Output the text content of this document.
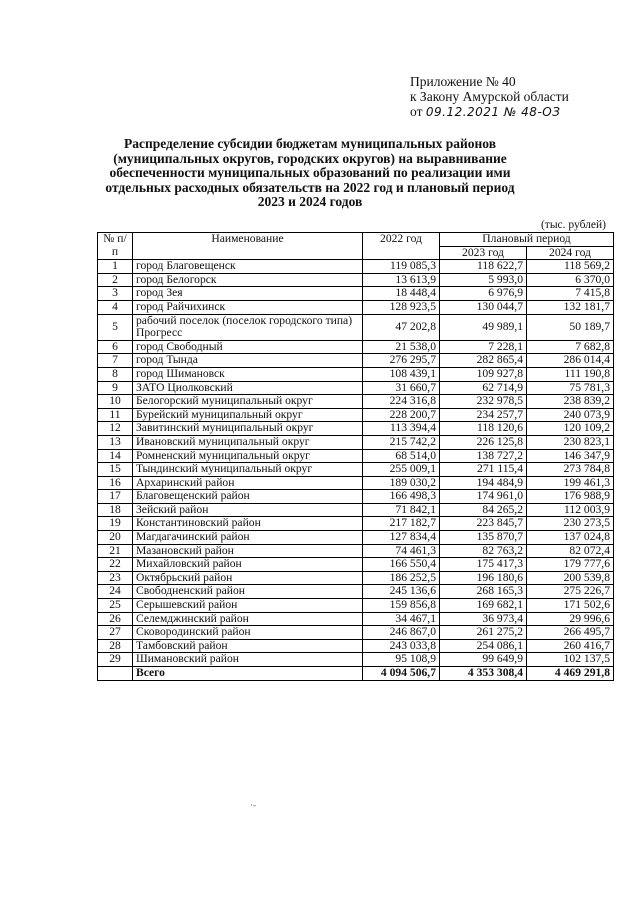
Приложение № 40
к Закону Амурской области
от 09.12.2021 № 48-ОЗ
Распределение субсидии бюджетам муниципальных районов (муниципальных округов, городских округов) на выравнивание обеспеченности муниципальных образований по реализации ими отдельных расходных обязательств на 2022 год и плановый период 2023 и 2024 годов
(тыс. рублей)
№ п/п	Наименование	2022 год	Плановый период	
			2023 год	2024 год
1	город Благовещенск	119 085,3	118 622,7	118 569,2
2	город Белогорск	13 613,9	5 993,0	6 370,0
3	город Зея	18 448,4	6 976,9	7 415,8
4	город Райчихинск	128 923,5	130 044,7	132 181,7
5	рабочий поселок (поселок городского типа) Прогресс	47 202,8	49 989,1	50 189,7
6	город Свободный	21 538,0	7 228,1	7 682,8
7	город Тында	276 295,7	282 865,4	286 014,4
8	город Шимановск	108 439,1	109 927,8	111 190,8
9	ЗАТО Циолковский	31 660,7	62 714,9	75 781,3
10	Белогорский муниципальный округ	224 316,8	232 978,5	238 839,2
11	Бурейский муниципальный округ	228 200,7	234 257,7	240 073,9
12	Завитинский муниципальный округ	113 394,4	118 120,6	120 109,2
13	Ивановский муниципальный округ	215 742,2	226 125,8	230 823,1
14	Ромненский муниципальный округ	68 514,0	138 727,2	146 347,9
15	Тындинский муниципальный округ	255 009,1	271 115,4	273 784,8
16	Архаринский район	189 030,2	194 484,9	199 461,3
17	Благовещенский район	166 498,3	174 961,0	176 988,9
18	Зейский район	71 842,1	84 265,2	112 003,9
19	Константиновский район	217 182,7	223 845,7	230 273,5
20	Магдагачинский район	127 834,4	135 870,7	137 024,8
21	Мазановский район	74 461,3	82 763,2	82 072,4
22	Михайловский район	166 550,4	175 417,3	179 777,6
23	Октябрьский район	186 252,5	196 180,6	200 539,8
24	Свободненский район	245 136,6	268 165,3	275 226,7
25	Серышевский район	159 856,8	169 682,1	171 502,6
26	Селемджинский район	34 467,1	36 973,4	29 996,6
27	Сковородинский район	246 867,0	261 275,2	266 495,7
28	Тамбовский район	243 033,8	254 086,1	260 416,7
29	Шимановский район	95 108,9	99 649,9	102 137,5
	Всего	4 094 506,7	4 353 308,4	4 469 291,8
·-
